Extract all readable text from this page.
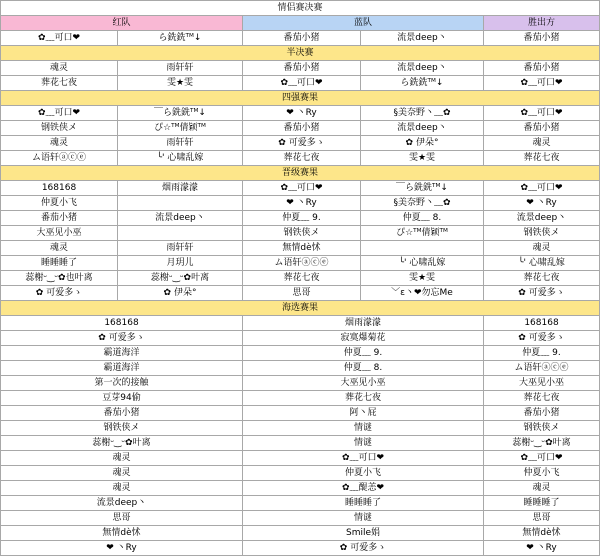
情侣赛决赛				
红队		蓝队		胜出方
✿﹏可口❤	ら銑銑ᵀᴹ↓	番茄小猪	流景deep丶	番茄小猪
半决赛				
魂灵	雨轩轩	番茄小猪	流景deep丶	番茄小猪
葬花七夜	雯★雯	✿﹏可口❤	ら銑銑ᵀᴹ↓	✿﹏可口❤
四强赛果				
✿﹏可口❤	￣ら銑銑ᵀᴹ↓	❤ 丶Ry	§美奈野丶﹏✿	✿﹏可口❤
钢铁侠メ	ぴ☆ᵀᴹ倩颖ᵀᴹ	番茄小猪	流景deep丶	番茄小猪
魂灵	雨轩轩	✿ 可爱多ゝ	✿ 伊朵°	魂灵
ム语轩ⓐⓒⓔ	╰' 心啸乱嫁	葬花七夜	雯★雯	葬花七夜
晋级赛果				
168168	烟雨濛濛	✿﹏可口❤	￣ら銑銑ᵀᴹ↓	✿﹏可口❤
仲夏小飞		❤ 丶Ry	§美奈野丶﹏✿	❤ 丶Ry
番茄小猪	流景deep丶	仲夏﹏ 9.	仲夏﹏ 8.	流景deep丶
大巫见小巫		钢铁侠メ	ぴ☆ᵀᴹ倩颖ᵀᴹ	钢铁侠メ
魂灵	雨轩轩	無情dè怵		魂灵
睡睡睡了	月玥儿	ム语轩ⓐⓒⓔ	╰' 心啸乱嫁	╰' 心啸乱嫁
蕊榭ᵕ‿ᵕ✿也叶离	蕊榭ᵕ‿ᵕ✿叶离	葬花七夜	雯★雯	葬花七夜
✿ 可爱多ゝ	✿ 伊朵°	思哥	﹀ε丶❤勿忘Me	✿ 可爱多ゝ
海选赛果				
168168		烟雨濛濛		168168
✿ 可爱多ゝ		寂寞爆菊花		✿ 可爱多ゝ
霸道海洋		仲夏﹏ 9.		仲夏﹏ 9.
霸道海洋		仲夏﹏ 8.		ム语轩ⓐⓒⓔ
第一次的接触		大巫见小巫		大巫见小巫
豆芽94偷		葬花七夜		葬花七夜
番茄小猪		阿丶屁		番茄小猪
钢铁侠メ		情谜		钢铁侠メ
蕊榭ᵕ‿ᵕ✿叶离		情谜		蕊榭ᵕ‿ᵕ✿叶离
魂灵		✿﹏可口❤		✿﹏可口❤
魂灵		仲夏小飞		仲夏小飞
魂灵		✿﹏醍恙❤		魂灵
流景deep丶		睡睡睡了		睡睡睡了
思哥		情谜		思哥
無情dè怵		Smile娟		無情dè怵
❤ 丶Ry		✿ 可爱多ゝ		❤ 丶Ry
